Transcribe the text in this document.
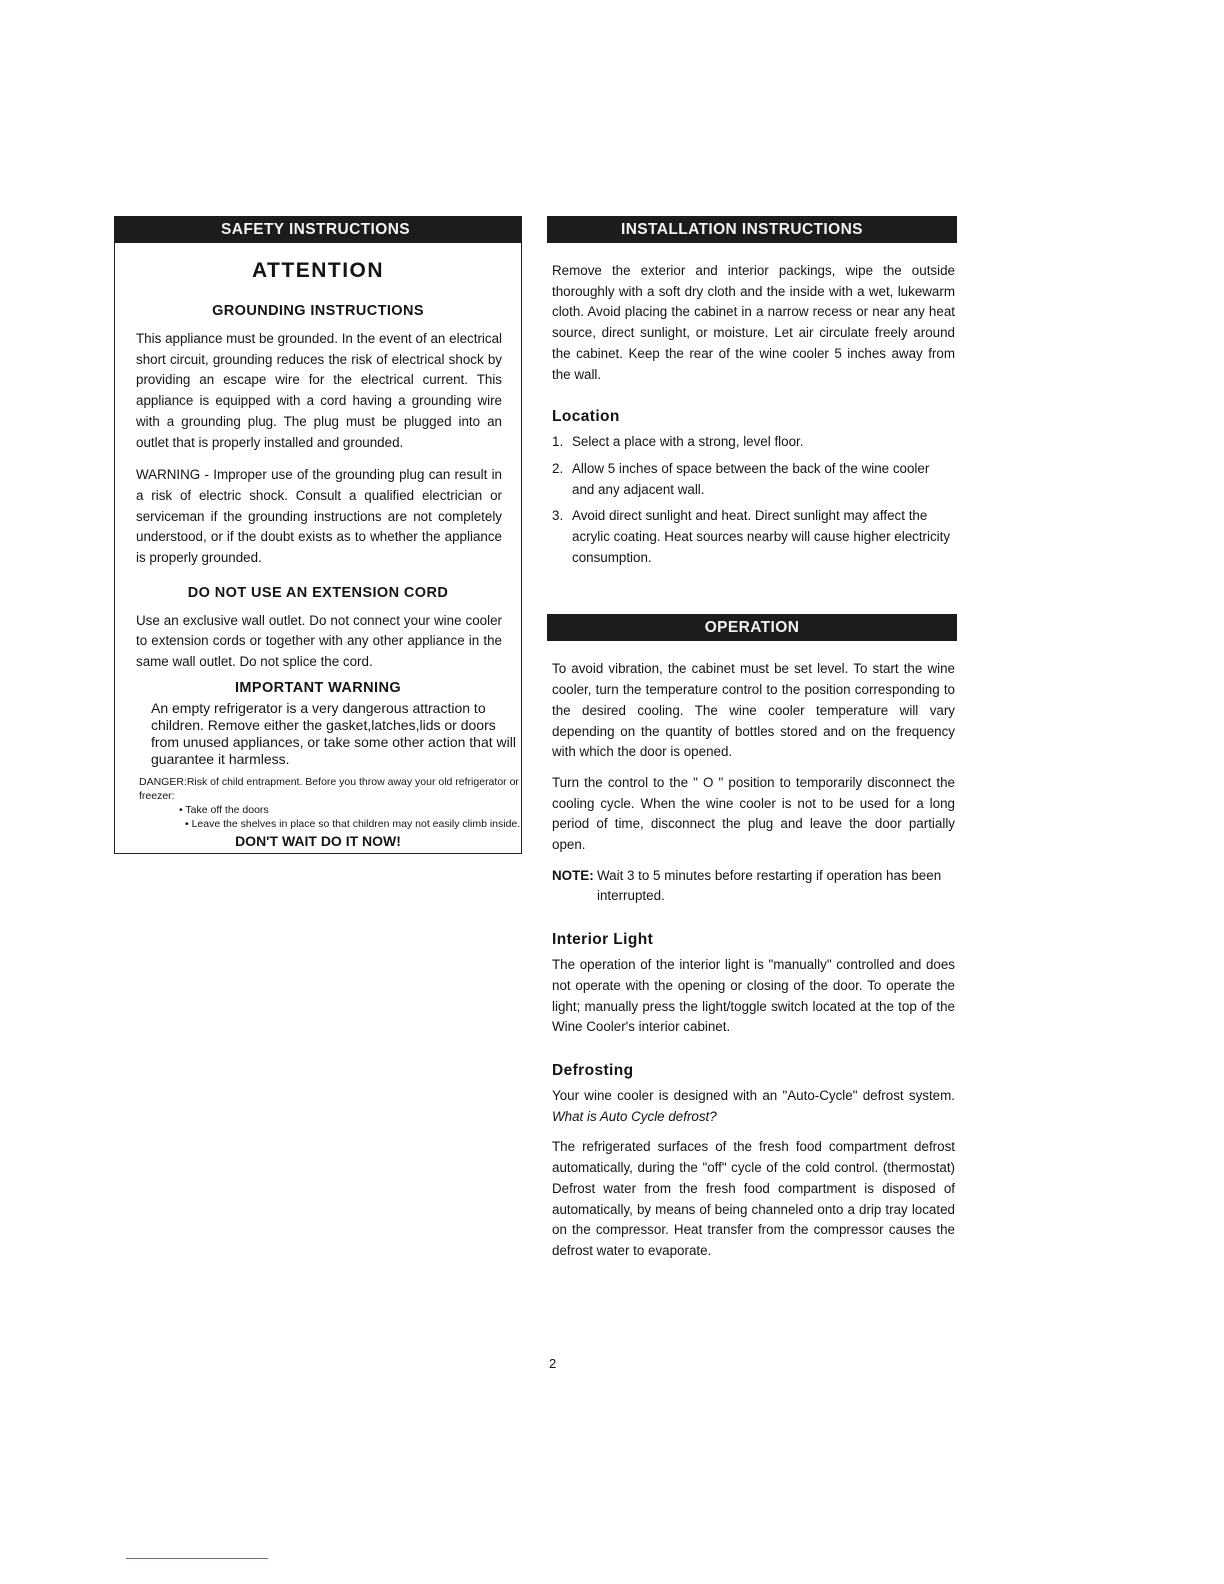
SAFETY INSTRUCTIONS
ATTENTION
GROUNDING INSTRUCTIONS

This appliance must be grounded. In the event of an electrical short circuit, grounding reduces the risk of electrical shock by providing an escape wire for the electrical current. This appliance is equipped with a cord having a grounding wire with a grounding plug. The plug must be plugged into an outlet that is properly installed and grounded.

WARNING - Improper use of the grounding plug can result in a risk of electric shock. Consult a qualified electrician or serviceman if the grounding instructions are not completely understood, or if the doubt exists as to whether the appliance is properly grounded.

DO NOT USE AN EXTENSION CORD

Use an exclusive wall outlet. Do not connect your wine cooler to extension cords or together with any other appliance in the same wall outlet. Do not splice the cord.

IMPORTANT WARNING
An empty refrigerator is a very dangerous attraction to children. Remove either the gasket,latches,lids or doors from unused appliances, or take some other action that will guarantee it harmless.
DANGER:Risk of child entrapment. Before you throw away your old refrigerator or freezer:
• Take off the doors
• Leave the shelves in place so that children may not easily climb inside.
DON'T WAIT DO IT NOW!
INSTALLATION INSTRUCTIONS

Remove the exterior and interior packings, wipe the outside thoroughly with a soft dry cloth and the inside with a wet, lukewarm cloth. Avoid placing the cabinet in a narrow recess or near any heat source, direct sunlight, or moisture. Let air circulate freely around the cabinet. Keep the rear of the wine cooler 5 inches away from the wall.

Location
1. Select a place with a strong, level floor.
2. Allow 5 inches of space between the back of the wine cooler and any adjacent wall.
3. Avoid direct sunlight and heat. Direct sunlight may affect the acrylic coating. Heat sources nearby will cause higher electricity consumption.
OPERATION

To avoid vibration, the cabinet must be set level. To start the wine cooler, turn the temperature control to the position corresponding to the desired cooling. The wine cooler temperature will vary depending on the quantity of bottles stored and on the frequency with which the door is opened.

Turn the control to the " O " position to temporarily disconnect the cooling cycle. When the wine cooler is not to be used for a long period of time, disconnect the plug and leave the door partially open.

NOTE: Wait 3 to 5 minutes before restarting if operation has been interrupted.
Interior Light

The operation of the interior light is "manually" controlled and does not operate with the opening or closing of the door. To operate the light; manually press the light/toggle switch located at the top of the Wine Cooler's interior cabinet.

Defrosting

Your wine cooler is designed with an "Auto-Cycle" defrost system. What is Auto Cycle defrost?

The refrigerated surfaces of the fresh food compartment defrost automatically, during the "off" cycle of the cold control. (thermostat) Defrost water from the fresh food compartment is disposed of automatically, by means of being channeled onto a drip tray located on the compressor. Heat transfer from the compressor causes the defrost water to evaporate.

2
